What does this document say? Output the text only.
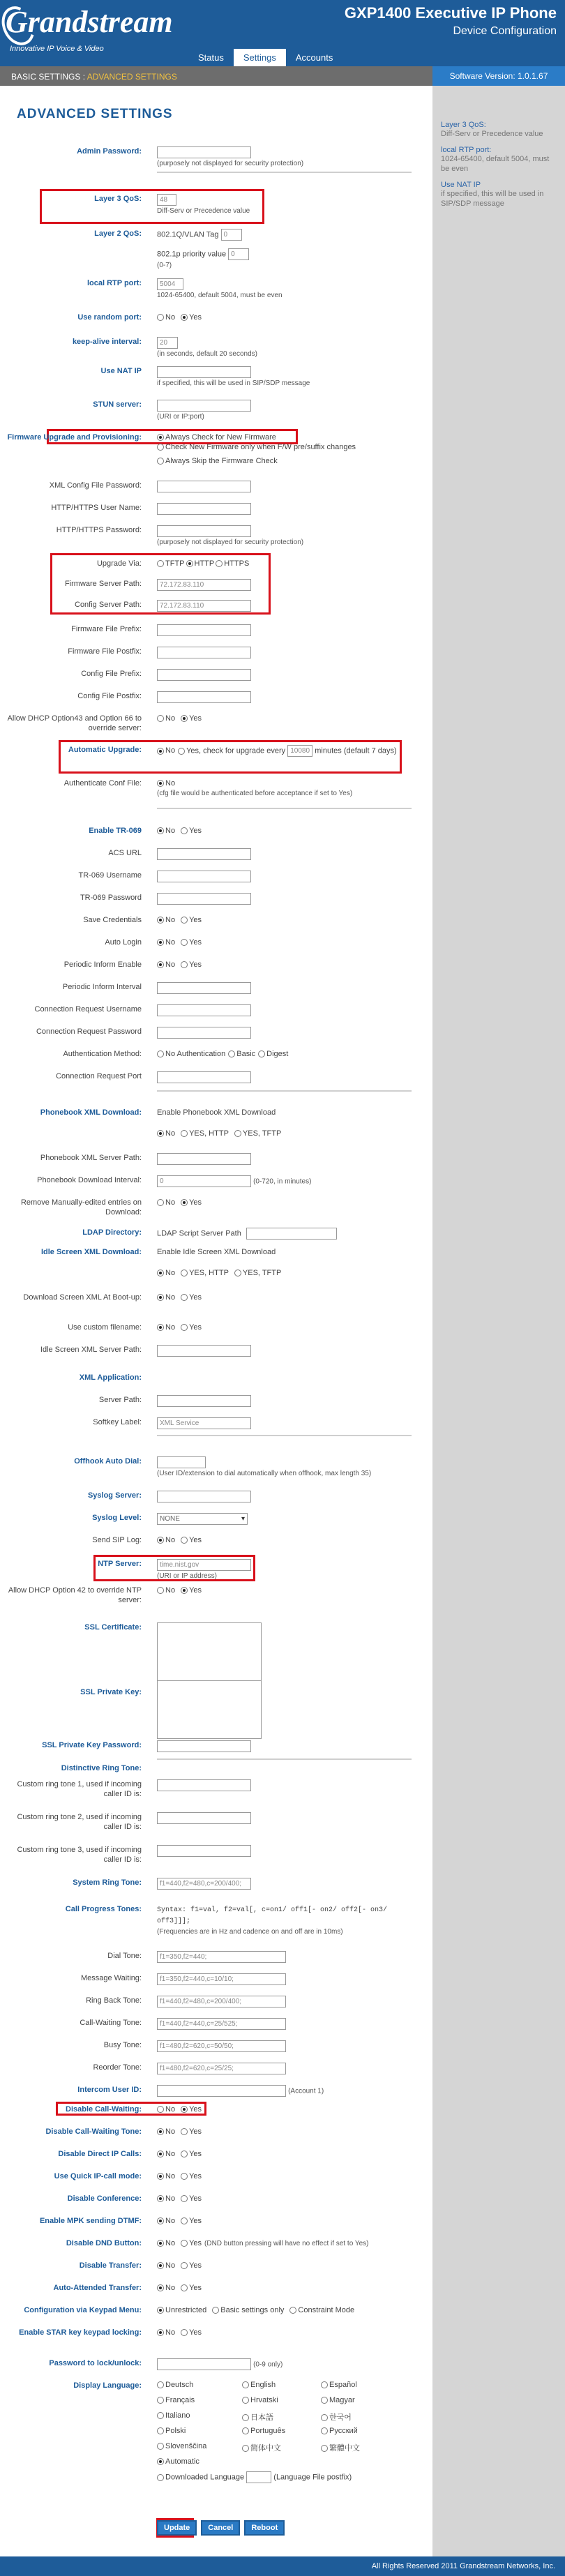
Grandstream
Innovative IP Voice & Video
GXP1400 Executive IP Phone
Device Configuration
Status	Settings	Accounts
BASIC SETTINGS : ADVANCED SETTINGS	Software Version: 1.0.1.67
Layer 3 QoS:
Diff-Serv or Precedence value
local RTP port:
1024-65400, default 5004, must be even
Use NAT IP
if specified, this will be used in SIP/SDP message
ADVANCED SETTINGS
Admin Password:

(purposely not displayed for security protection)
Layer 3 QoS:	48
Diff-Serv or Precedence value
Layer 2 QoS: 802.1Q/VLAN Tag 0
802.1p priority value 0
(0-7)
local RTP port:	5004
1024-65400, default 5004, must be even
Use random port:	No Yes
keep-alive interval:	20
(in seconds, default 20 seconds)
Use NAT IP

if specified, this will be used in SIP/SDP message
STUN server:

(URI or IP:port)
Firmware Upgrade and Provisioning:	Always Check for New Firmware
Check New Firmware only when F/W pre/suffix changes
Always Skip the Firmware Check
XML Config File Password:
HTTP/HTTPS User Name:
HTTP/HTTPS Password:

(purposely not displayed for security protection)
Upgrade Via:	TFTP HTTP HTTPS
Firmware Server Path:	72.172.83.110
Config Server Path:	72.172.83.110
Firmware File Prefix:
Firmware File Postfix:
Config File Prefix:
Config File Postfix:
Allow DHCP Option43 and Option 66 to override server:
No Yes
Automatic Upgrade:	No Yes, check for upgrade every 10080 minutes (default 7 days)
Authenticate Conf File:	No
(cfg file would be authenticated before acceptance if set to Yes)
Enable TR-069	No Yes
ACS URL
TR-069 Username
TR-069 Password
Save Credentials	No Yes
Auto Login	No Yes
Periodic Inform Enable	No Yes
Periodic Inform Interval
Connection Request Username
Connection Request Password
Authentication Method:	No Authentication Basic Digest
Connection Request Port
Phonebook XML Download: Enable Phonebook XML Download
No YES, HTTP YES, TFTP
Phonebook XML Server Path:
Phonebook Download Interval:	0	(0-720, in minutes)
Remove Manually-edited entries on Download:
No Yes
LDAP Directory: LDAP Script Server Path
Idle Screen XML Download: Enable Idle Screen XML Download
No YES, HTTP YES, TFTP
Download Screen XML At Boot-up:	No Yes
Use custom filename:	No Yes
Idle Screen XML Server Path:
XML Application:
Server Path:
Softkey Label:	XML Service
Offhook Auto Dial:

(User ID/extension to dial automatically when offhook, max length 35)
Syslog Server:
Syslog Level:	NONE ▾
Send SIP Log:	No Yes
NTP Server:	time.nist.gov
(URI or IP address)
Allow DHCP Option 42 to override NTP server:
No Yes
SSL Certificate:
SSL Private Key:
SSL Private Key Password:
Distinctive Ring Tone:
Custom ring tone 1, used if incoming caller ID is:
Custom ring tone 2, used if incoming caller ID is:
Custom ring tone 3, used if incoming caller ID is:
System Ring Tone:	f1=440,f2=480,c=200/400;
Call Progress Tones: Syntax: f1=val, f2=val[, c=on1/ off1[- on2/ off2[- on3/ off3]]];
(Frequencies are in Hz and cadence on and off are in 10ms)
Dial Tone:	f1=350,f2=440;
Message Waiting:	f1=350,f2=440,c=10/10;
Ring Back Tone:	f1=440,f2=480,c=200/400;
Call-Waiting Tone:	f1=440,f2=440,c=25/525;
Busy Tone:	f1=480,f2=620,c=50/50;
Reorder Tone:	f1=480,f2=620,c=25/25;
Intercom User ID:	(Account 1)
Disable Call-Waiting:	No Yes
Disable Call-Waiting Tone:	No Yes
Disable Direct IP Calls:	No Yes
Use Quick IP-call mode:	No Yes
Disable Conference:	No Yes
Enable MPK sending DTMF:	No Yes
Disable DND Button:	No Yes (DND button pressing will have no effect if set to Yes)
Disable Transfer:	No Yes
Auto-Attended Transfer:	No Yes
Configuration via Keypad Menu:	Unrestricted Basic settings only Constraint Mode
Enable STAR key keypad locking:	No Yes
Password to lock/unlock:	(0-9 only)
Display Language:	Deutsch	English	Español
Français	Hrvatski	Magyar
Italiano	日本語	한국어
Polski	Português	Русский
Slovenščina	简体中文	繁體中文
Automatic
Downloaded Language	(Language File postfix)
Update Cancel Reboot
All Rights Reserved 2011 Grandstream Networks, Inc.
